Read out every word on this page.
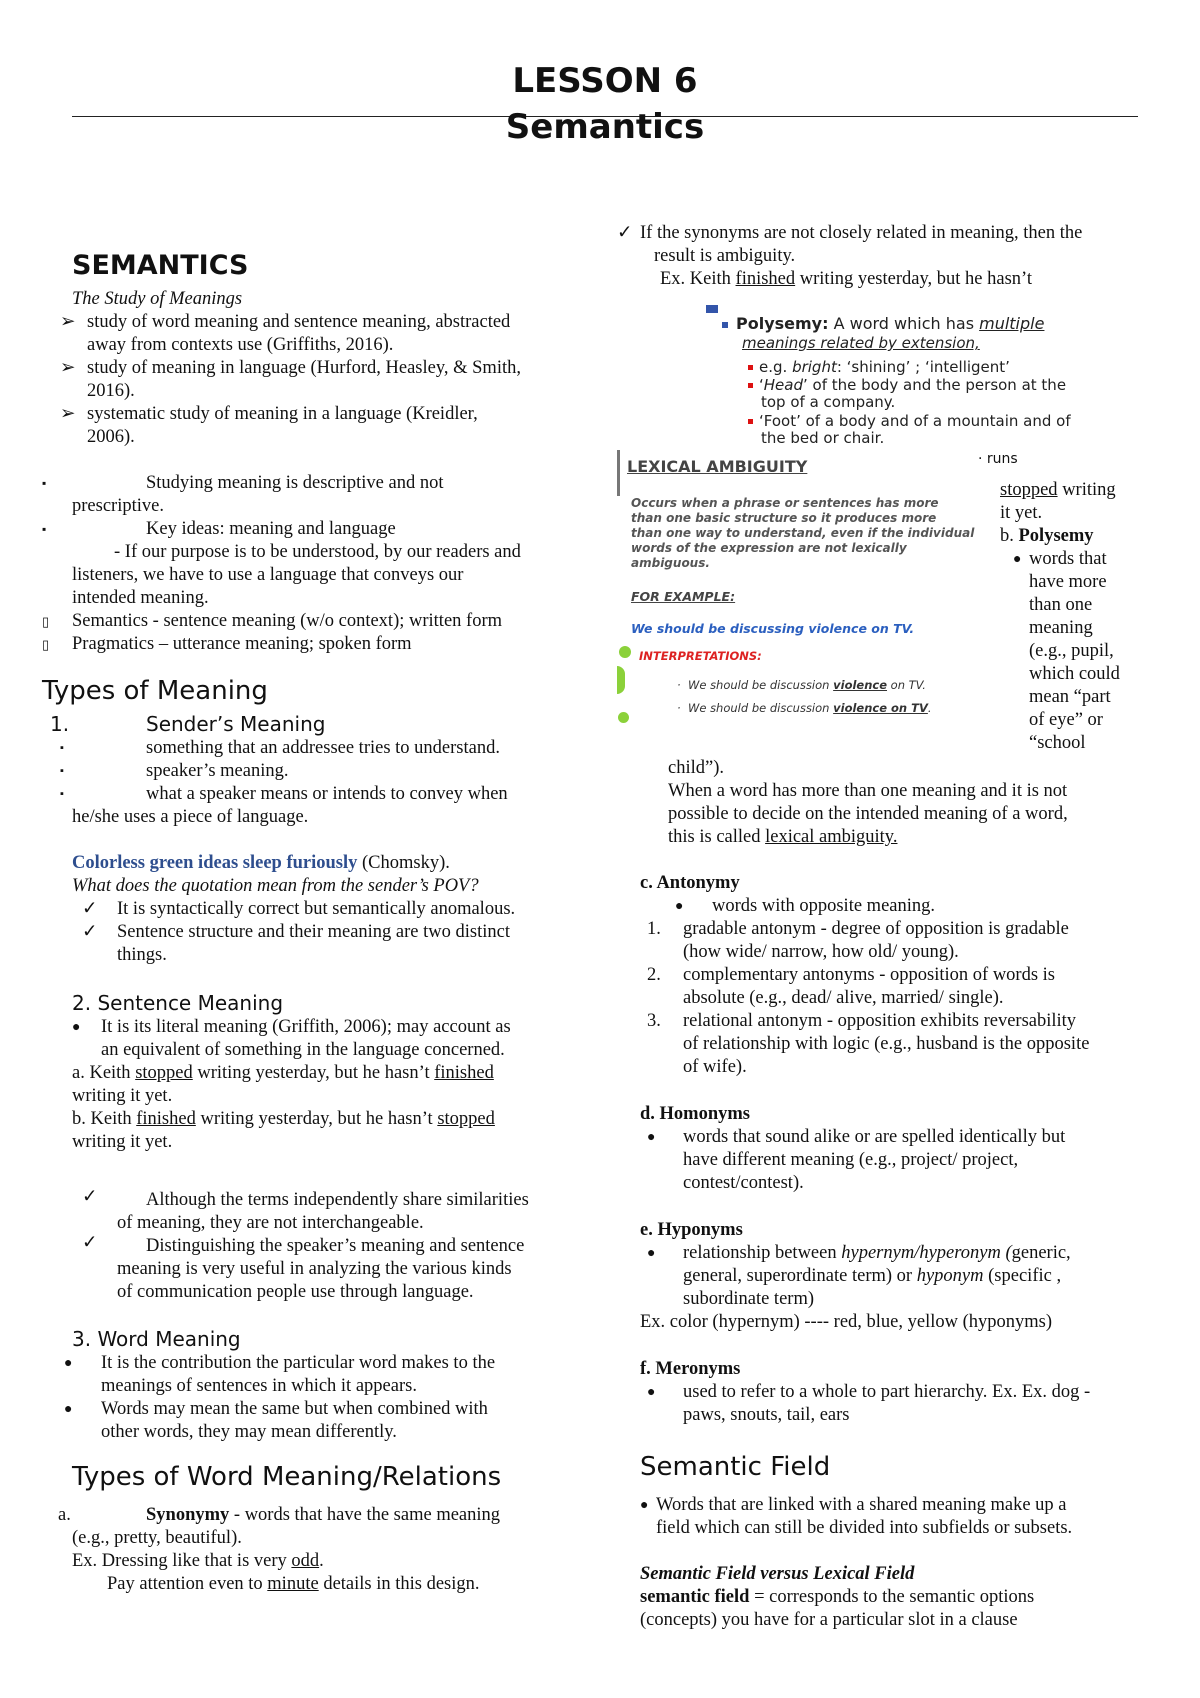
LESSON 6
Semantics
SEMANTICS
The Study of Meanings
➢ study of word meaning and sentence meaning, abstracted
away from contexts use (Griffiths, 2016).
➢ study of meaning in language (Hurford, Heasley, & Smith,
2016).
➢ systematic study of meaning in a language (Kreidler,
2006).
▪	Studying meaning is descriptive and not
prescriptive.
▪	Key ideas: meaning and language
- If our purpose is to be understood, by our readers and
listeners, we have to use a language that conveys our
intended meaning.
▯ Semantics - sentence meaning (w/o context); written form
▯ Pragmatics – utterance meaning; spoken form
Types of Meaning
1.	Sender’s Meaning
▪	something that an addressee tries to understand.
▪	speaker’s meaning.
▪	what a speaker means or intends to convey when
he/she uses a piece of language.
Colorless green ideas sleep furiously (Chomsky).
What does the quotation mean from the sender’s POV?
✓ It is syntactically correct but semantically anomalous.
✓ Sentence structure and their meaning are two distinct
things.
2. Sentence Meaning
● It is its literal meaning (Griffith, 2006); may account as
an equivalent of something in the language concerned.
a. Keith stopped writing yesterday, but he hasn’t finished
writing it yet.
b. Keith finished writing yesterday, but he hasn’t stopped
writing it yet.
✓	Although the terms independently share similarities
of meaning, they are not interchangeable.
✓	Distinguishing the speaker’s meaning and sentence
meaning is very useful in analyzing the various kinds
of communication people use through language.
3. Word Meaning
● It is the contribution the particular word makes to the
meanings of sentences in which it appears.
● Words may mean the same but when combined with
other words, they may mean differently.
Types of Word Meaning/Relations
a.	Synonymy - words that have the same meaning
(e.g., pretty, beautiful).
Ex. Dressing like that is very odd.
Pay attention even to minute details in this design.
✓ If the synonyms are not closely related in meaning, then the
result is ambiguity.
Ex. Keith finished writing yesterday, but he hasn’t
Polysemy: A word which has multiple
meanings related by extension,
e.g. bright: ‘shining’ ; ‘intelligent’
‘Head’ of the body and the person at the
top of a company.
‘Foot’ of a body and of a mountain and of
the bed or chair.
· runs
LEXICAL AMBIGUITY
Occurs when a phrase or sentences has more
than one basic structure so it produces more
than one way to understand, even if the individual
words of the expression are not lexically
ambiguous.
FOR EXAMPLE:
We should be discussing violence on TV.
INTERPRETATIONS:
·  We should be discussion violence on TV.
·  We should be discussion violence on TV.
stopped writing
it yet.
b. Polysemy
● words that
have more
than one
meaning
(e.g., pupil,
which could
mean “part
of eye” or
“school
child”).
When a word has more than one meaning and it is not
possible to decide on the intended meaning of a word,
this is called lexical ambiguity.
c. Antonymy
● words with opposite meaning.
1. gradable antonym - degree of opposition is gradable
(how wide/ narrow, how old/ young).
2. complementary antonyms - opposition of words is
absolute (e.g., dead/ alive, married/ single).
3. relational antonym - opposition exhibits reversability
of relationship with logic (e.g., husband is the opposite
of wife).
d. Homonyms
● words that sound alike or are spelled identically but
have different meaning (e.g., project/ project,
contest/contest).
e. Hyponyms
● relationship between hypernym/hyperonym (generic,
general, superordinate term) or hyponym (specific ,
subordinate term)
Ex. color (hypernym) ---- red, blue, yellow (hyponyms)
f. Meronyms
● used to refer to a whole to part hierarchy. Ex. Ex. dog -
paws, snouts, tail, ears
Semantic Field
● Words that are linked with a shared meaning make up a
field which can still be divided into subfields or subsets.
Semantic Field versus Lexical Field
semantic field = corresponds to the semantic options
(concepts) you have for a particular slot in a clause
